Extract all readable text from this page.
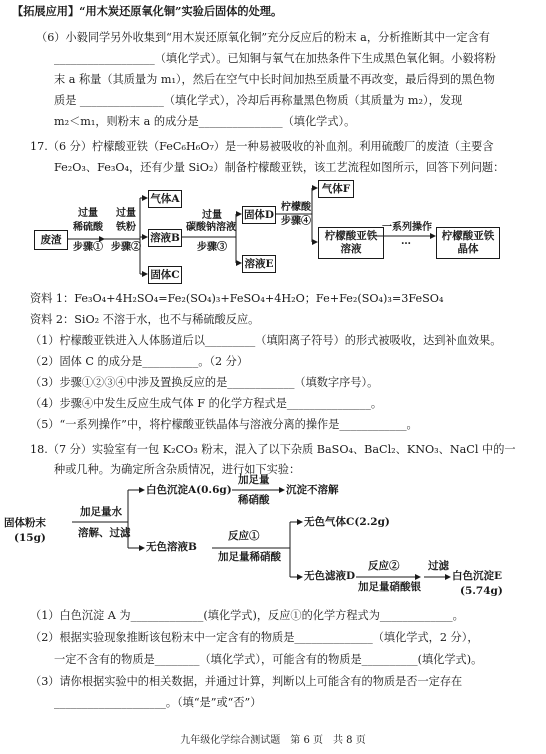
【拓展应用】“用木炭还原氧化铜”实验后固体的处理。
（6）小毅同学另外收集到“用木炭还原氧化铜”充分反应后的粉末 a，分析推断其中一定含有
__________________（填化学式）。已知铜与氧气在加热条件下生成黑色氧化铜。小毅将粉
末 a 称量（其质量为 m₁），然后在空气中长时间加热至质量不再改变，最后得到的黑色物
质是 _______________（填化学式），冷却后再称量黑色物质（其质量为 m₂），发现
m₂＜m₁，则粉末 a 的成分是_______________（填化学式）。
17.（6 分）柠檬酸亚铁（FeC₆H₆O₇）是一种易被吸收的补血剂。利用硫酸厂的废渣（主要含
Fe₂O₃、Fe₃O₄，还有少量 SiO₂）制备柠檬酸亚铁，该工艺流程如图所示，回答下列问题：
废渣
过量
稀硫酸
步骤①
过量
铁粉
步骤②
气体A
溶液B
固体C
过量
碳酸钠溶液
步骤③
固体D
溶液E
柠檬酸
步骤④
气体F
柠檬酸亚铁溶液
一系列操作
…	柠檬酸亚铁晶体
资料 1：Fe₃O₄+4H₂SO₄=Fe₂(SO₄)₃+FeSO₄+4H₂O；Fe+Fe₂(SO₄)₃=3FeSO₄
资料 2：SiO₂ 不溶于水，也不与稀硫酸反应。
（1）柠檬酸亚铁进入人体肠道后以_________（填阳离子符号）的形式被吸收，达到补血效果。
（2）固体 C 的成分是__________。（2 分）
（3）步骤①②③④中涉及置换反应的是____________（填数字序号）。
（4）步骤④中发生反应生成气体 F 的化学方程式是_______________。
（5）“一系列操作”中，将柠檬酸亚铁晶体与溶液分离的操作是____________。
18.（7 分）实验室有一包 K₂CO₃ 粉末，混入了以下杂质 BaSO₄、BaCl₂、KNO₃、NaCl 中的一
种或几种。为确定所含杂质情况，进行如下实验：
固体粉末
(15g)
加足量水
溶解、过滤
白色沉淀A(0.6g)
加足量
稀硝酸
沉淀不溶解
无色溶液B
反应①
加足量稀硝酸
无色气体C(2.2g)
无色滤液D
反应②
加足量硝酸银
过滤
白色沉淀E
(5.74g)
（1）白色沉淀 A 为_____________(填化学式)，反应①的化学方程式为_____________。
（2）根据实验现象推断该包粉末中一定含有的物质是______________（填化学式，2 分），
一定不含有的物质是________（填化学式），可能含有的物质是__________(填化学式)。
（3）请你根据实验中的相关数据，并通过计算，判断以上可能含有的物质是否一定存在
____________________。（填“是”或“否”）
九年级化学综合测试题　第 6 页　共 8 页
